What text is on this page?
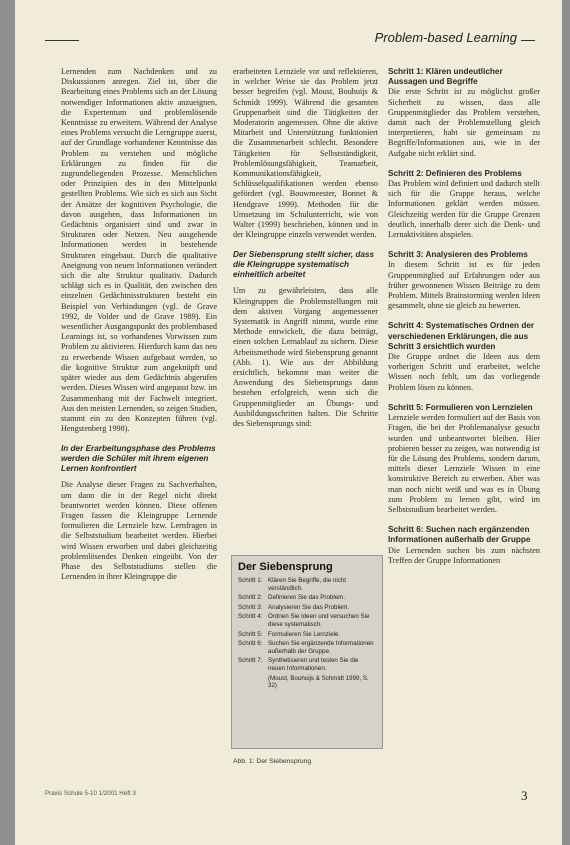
Problem-based Learning

Lernenden zum Nachdenken und zu Diskussionen anregen. Ziel ist, über die Bearbeitung eines Problems sich an der Lösung notwendiger Informationen aktiv anzueignen, die Expertentum und problemlösende Kenntnisse zu erweitern. Während der Analyse eines Problems versucht die Lerngruppe zuerst, auf der Grundlage vorhandener Kenntnisse das Problem zu verstehen und mögliche Erklärungen zu finden für die zugrundeliegenden Prozesse. Menschlichen oder Prinzipien des in den Mittelpunkt gestellten Problems. Wie sich es sich aus Sicht der Ansätze der kognitiven Psychologie, die davon ausgehen, dass Informationen im Gedächtnis organisiert sind und zwar in Strukturen oder Netzen. Neu ausgehende Informationen werden in bestehende Strukturen eingebaut. Durch die qualitative Aneignung von neuen Informationen verändert sich die alte Struktur qualitativ. Dadurch schlägt sich es in Qualität, den zwischen den einzelnen Gedächtnisstrukturen besteht ein Beispiel von Verbindungen (vgl. de Grave 1992, de Volder und de Grave 1989). Ein wesentlicher Ausgangspunkt des problembased Learnings ist, so vorhandenes Vorwissen zum Problem zu aktivieren. Hierdurch kann das neu zu erwerbende Wissen aufgebaut werden, so die kognitive Struktur zum angeknüpft und später wieder aus dem Gedächtnis abgerufen werden. Dieses Wissen wird angepasst bzw. im Zusammenhang mit der Fachwelt integriert. Aus den meisten Lernenden, so zeigen Studien, stammt ein zu den Konzepten führen (vgl. Hengstenberg 1998).

In der Erarbeitungsphase des Problems werden die Schüler mit ihrem eigenen Lernen konfrontiert

Die Analyse dieser Fragen zu Sachverhalten, um dann die in der Regel nicht direkt beantwortet werden können. Diese offenen Fragen fassen die Kleingruppe Lernende formulieren die Lernziele bzw. Lernfragen in die Selbststudium bearbeitet werden. Hierbei wird Wissen erworben und dabei gleichzeitig problemlösendes Denken eingeübt. Von der Phase des Selbststudiums stellen die Lernenden in ihrer Kleingruppe die

erarbeiteten Lernziele vor und reflektieren, in welcher Weise sie das Problem jetzt besser begreifen (vgl. Moust, Bouhuijs & Schmidt 1999). Während die gesamten Gruppenarbeit sind die Tätigkeiten der Moderatorin angemessen. Ohne die aktive Mitarbeit und Unterstützung funktioniert die Zusammenarbeit schlecht. Besondere Tätigkeiten für Selbstständigkeit, Problemlösungsfähigkeit, Teamarbeit, Kommunikationsfähigkeit, Schlüsselqualifikationen werden ebenso gefördert (vgl. Bouwmeester, Bonnet & Hendgrave 1999). Methoden für die Umsetzung im Schulunterricht, wie von Walter (1999) beschrieben, können und in der Kleingruppe einzeln verwendet werden.

Der Siebensprung stellt sicher, dass die Kleingruppe systematisch einheitlich arbeitet

Um zu gewährleisten, dass alle Kleingruppen die Problemstellungen mit dem aktiven Vorgang angemessener Systematik in Angriff nimmt, wurde eine Methode entwickelt, die dazu beiträgt, einen solchen Lernablauf zu sichern. Diese Arbeitsmethode wird Siebensprung genannt (Abb. 1). Wie aus der Abbildung ersichtlich, bekommt man weiter die Anwendung des Siebensprungs dann bestehen erfolgreich, wenn sich die Gruppenmitglieder an Übungs- und Ausbildungsschritten halten. Die Schritte des Siebensprungs sind:

Der Siebensprung
Schritt 1: Klären Sie Begriffe, die nicht verständlich.
Schritt 2: Definieren Sie das Problem.
Schritt 3: Analysieren Sie das Problem.
Schritt 4: Ordnen Sie Ideen und versuchen Sie diese systematisch.
Schritt 5: Formulieren Sie Lernziele.
Schritt 6: Suchen Sie ergänzende Informationen außerhalb der Gruppe.
Schritt 7: Synthetisieren und testen Sie die neuen Informationen.
(Moust, Bouhuijs & Schmidt 1999, S. 32)
Abb. 1: Der Siebensprung
Schritt 1: Klären undeutlicher Aussagen und Begriffe
Die erste Schritt ist zu möglichst großer Sicherheit zu wissen, dass alle Gruppenmitglieder das Problem verstehen, damit nach der Problemstellung gleich interpretieren, habt sie gemeinsam zu Begriffe/Informationen aus, wie in der Aufgabe nicht erklärt sind.
Schritt 2: Definieren des Problems
Das Problem wird definiert und dadurch stellt sich für die Gruppe heraus, welche Informationen geklärt werden müssen. Gleichzeitig werden für die Gruppe Grenzen deutlich, innerhalb derer sich die Denk- und Lernaktivitäten abspielen.
Schritt 3: Analysieren des Problems
In diesem Schritt ist es für jeden Gruppenmitglied auf Erfahrungen oder aus früher gewonnenen Wissen Beiträge zu dem Problem. Mittels Brainstorming werden Ideen gesammelt, ohne sie gleich zu bewerten.
Schritt 4: Systematisches Ordnen der verschiedenen Erklärungen, die aus Schritt 3 ersichtlich wurden
Die Gruppe ordnet die Ideen aus dem vorherigen Schritt und erarbeitet, welche Wissen noch fehlt, um das vorliegende Problem lösen zu können.
Schritt 5: Formulieren von Lernzielen
Lernziele werden formuliert auf der Basis von Fragen, die bei der Problemanalyse gesucht wurden und unbeantwortet bleiben. Hier probieren besser zu zeigen, was notwendig ist für die Lösung des Problems, sondern darum, mittels dieser Lernziele Wissen in eine konstruktive Bereich zu erwerben. Aber was man noch nicht weiß und was es in Übung zum Problem zu lernen gibt, wird im Selbststudium bearbeitet werden.
Schritt 6: Suchen nach ergänzenden Informationen außerhalb der Gruppe
Die Lernenden suchen bis zum nächsten Treffen der Gruppe Informationen
Praxis Schule 5-10 1/2001 Heft 3	3
